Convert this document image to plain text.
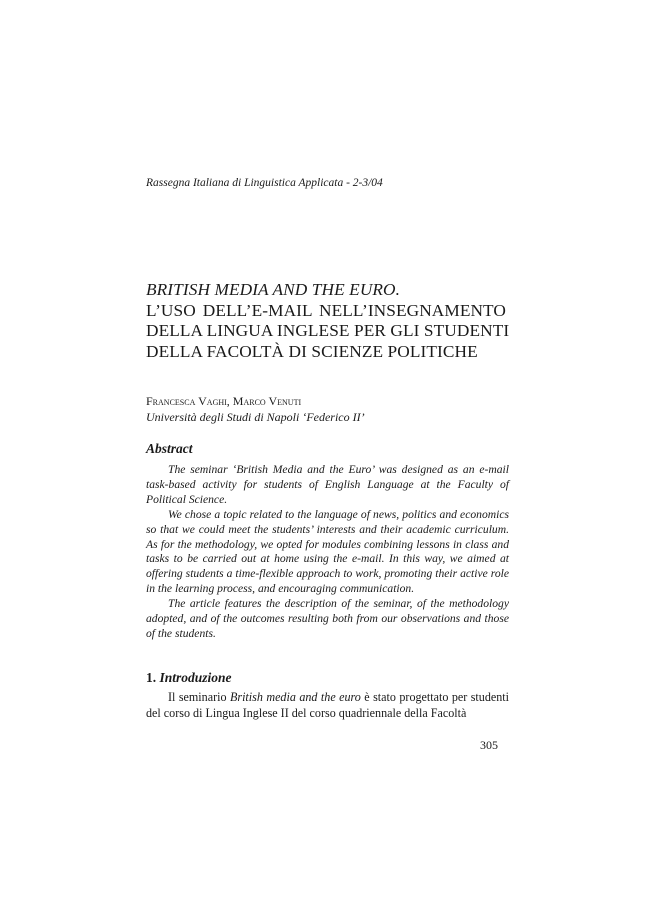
Rassegna Italiana di Linguistica Applicata - 2-3/04
BRITISH MEDIA AND THE EURO.
L’USO DELL’E-MAIL NELL’INSEGNAMENTO
DELLA LINGUA INGLESE PER GLI STUDENTI
DELLA FACOLTÀ DI SCIENZE POLITICHE
Francesca Vaghi, Marco Venuti
Università degli Studi di Napoli ‘Federico II’
Abstract

The seminar ‘British Media and the Euro’ was designed as an e-mail task-based activity for students of English Language at the Faculty of Political Science.

We chose a topic related to the language of news, politics and economics so that we could meet the students’ interests and their academic curriculum. As for the methodology, we opted for modules combining lessons in class and tasks to be carried out at home using the e-mail. In this way, we aimed at offering students a time-flexible approach to work, promoting their active role in the learning process, and encouraging communication.

The article features the description of the seminar, of the methodology adopted, and of the outcomes resulting both from our observations and those of the students.

1. Introduzione

Il seminario British media and the euro è stato progettato per studenti del corso di Lingua Inglese II del corso quadriennale della Facoltà

305
